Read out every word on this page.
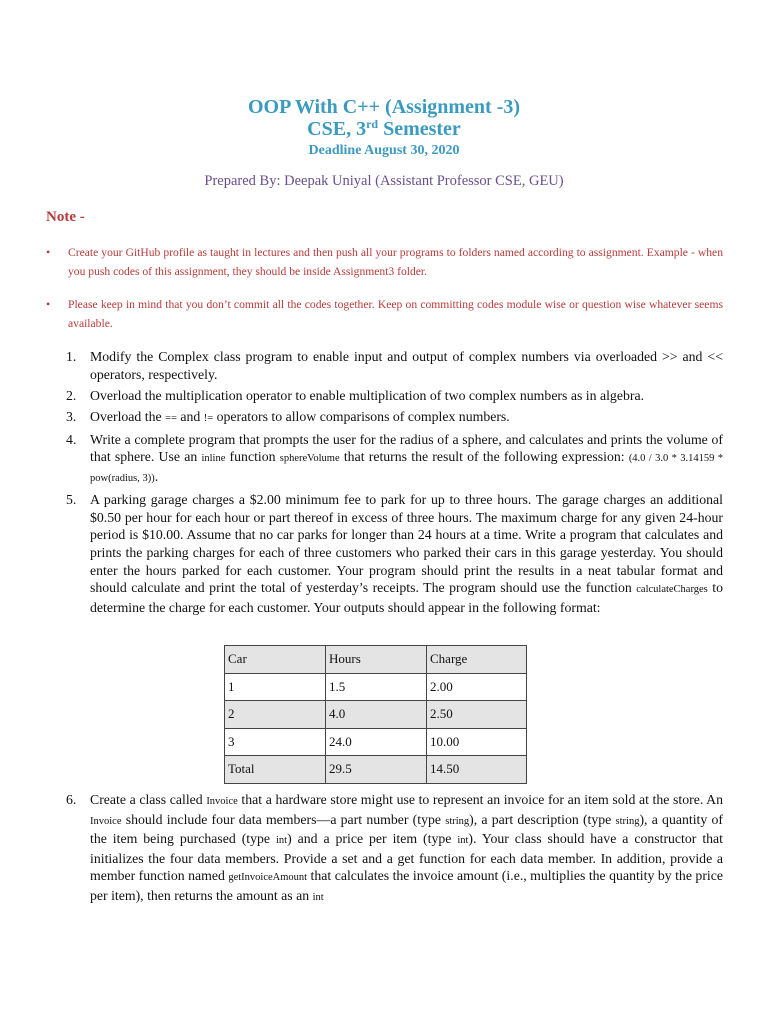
OOP With C++ (Assignment -3)
CSE, 3rd Semester
Deadline August 30, 2020
Prepared By: Deepak Uniyal (Assistant Professor CSE, GEU)
Note -
• Create your GitHub profile as taught in lectures and then push all your programs to folders named according to assignment. Example - when you push codes of this assignment, they should be inside Assignment3 folder.
• Please keep in mind that you don’t commit all the codes together. Keep on committing codes module wise or question wise whatever seems available.
1. Modify the Complex class program to enable input and output of complex numbers via overloaded >> and << operators, respectively.
2. Overload the multiplication operator to enable multiplication of two complex numbers as in algebra.
3. Overload the == and != operators to allow comparisons of complex numbers.
4. Write a complete program that prompts the user for the radius of a sphere, and calculates and prints the volume of that sphere. Use an inline function sphereVolume that returns the result of the following expression: (4.0 / 3.0 * 3.14159 * pow(radius, 3)).
5. A parking garage charges a $2.00 minimum fee to park for up to three hours. The garage charges an additional $0.50 per hour for each hour or part thereof in excess of three hours. The maximum charge for any given 24-hour period is $10.00. Assume that no car parks for longer than 24 hours at a time. Write a program that calculates and prints the parking charges for each of three customers who parked their cars in this garage yesterday. You should enter the hours parked for each customer. Your program should print the results in a neat tabular format and should calculate and print the total of yesterday’s receipts. The program should use the function calculateCharges to determine the charge for each customer. Your outputs should appear in the following format:
Car	Hours	Charge
1	1.5	2.00
2	4.0	2.50
3	24.0	10.00
Total	29.5	14.50
6. Create a class called Invoice that a hardware store might use to represent an invoice for an item sold at the store. An Invoice should include four data members—a part number (type string), a part description (type string), a quantity of the item being purchased (type int) and a price per item (type int). Your class should have a constructor that initializes the four data members. Provide a set and a get function for each data member. In addition, provide a member function named getInvoiceAmount that calculates the invoice amount (i.e., multiplies the quantity by the price per item), then returns the amount as an int
